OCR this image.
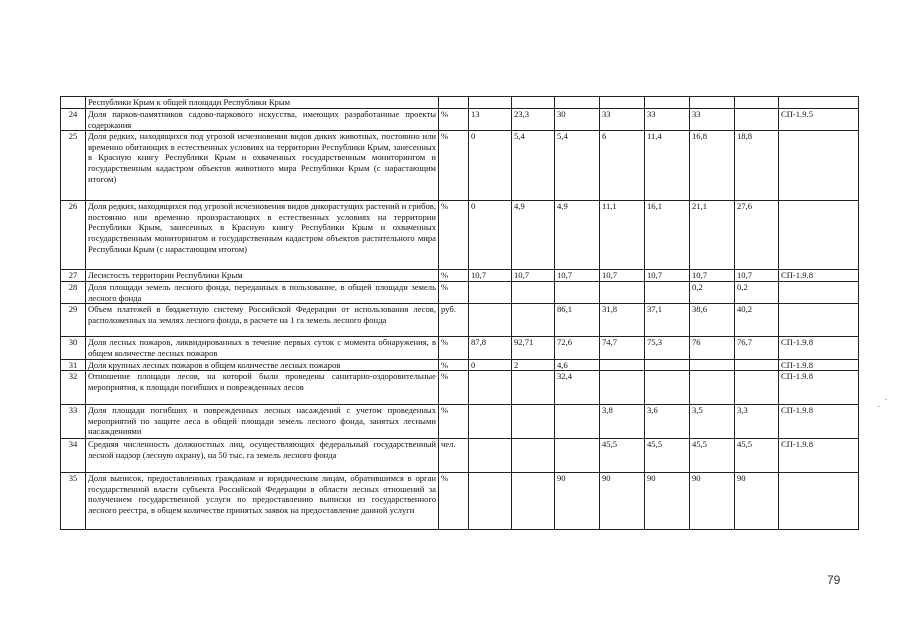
	Республики Крым к общей площади Республики Крым									
24	Доля парков-памятников садово-паркового искусства, имеющих разработанные проекты содержания	%	13	23,3	30	33	33	33		СП-1.9.5
25	Доля редких, находящихся под угрозой исчезновения видов диких животных, постоянно или временно обитающих в естественных условиях на территории Республики Крым, занесенных в Красную книгу Республики Крым и охваченных государственным мониторингом и государственным кадастром объектов животного мира Республики Крым (с нарастающим итогом)	%	0	5,4	5,4	6	11,4	16,8	18,8	
26	Доля редких, находящихся под угрозой исчезновения видов дикорастущих растений и грибов, постоянно или временно произрастающих в естественных условиях на территории Республики Крым, занесенных в Красную книгу Республики Крым и охваченных государственным мониторингом и государственным кадастром объектов растительного мира Республики Крым (с нарастающим итогом)	%	0	4,9	4,9	11,1	16,1	21,1	27,6	
27	Лесистость территории Республики Крым	%	10,7	10,7	10,7	10,7	10,7	10,7	10,7	СП-1.9.8
28	Доля площади земель лесного фонда, переданных в пользование, в общей площади земель лесного фонда	%						0,2	0,2	
29	Объем платежей в бюджетную систему Российской Федерации от использования лесов, расположенных на землях лесного фонда, в расчете на 1 га земель лесного фонда	руб.			86,1	31,8	37,1	38,6	40,2	
30	Доля лесных пожаров, ликвидированных в течение первых суток с момента обнаружения, в общем количестве лесных пожаров	%	87,8	92,71	72,6	74,7	75,3	76	76,7	СП-1.9.8
31	Доля крупных лесных пожаров в общем количестве лесных пожаров	%	0	2	4,6					СП-1.9.8
32	Отношение площади лесов, на которой были проведены санитарно-оздоровительные мероприятия, к площади погибших и поврежденных лесов	%			32,4					СП-1.9.8
33	Доля площади погибших и поврежденных лесных насаждений с учетом проведенных мероприятий по защите леса в общей площади земель лесного фонда, занятых лесными насаждениями	%				3,8	3,6	3,5	3,3	СП-1.9.8
34	Средняя численность должностных лиц, осуществляющих федеральный государственный лесной надзор (лесную охрану), на 50 тыс. га земель лесного фонда	чел.				45,5	45,5	45,5	45,5	СП-1.9.8
35	Доля выписок, предоставленных гражданам и юридическим лицам, обратившимся в орган государственной власти субъекта Российской Федерации в области лесных отношений за получением государственной услуги по предоставлению выписки из государственного лесного реестра, в общем количестве принятых заявок на предоставление данной услуги	%			90	90	90	90	90	
79
